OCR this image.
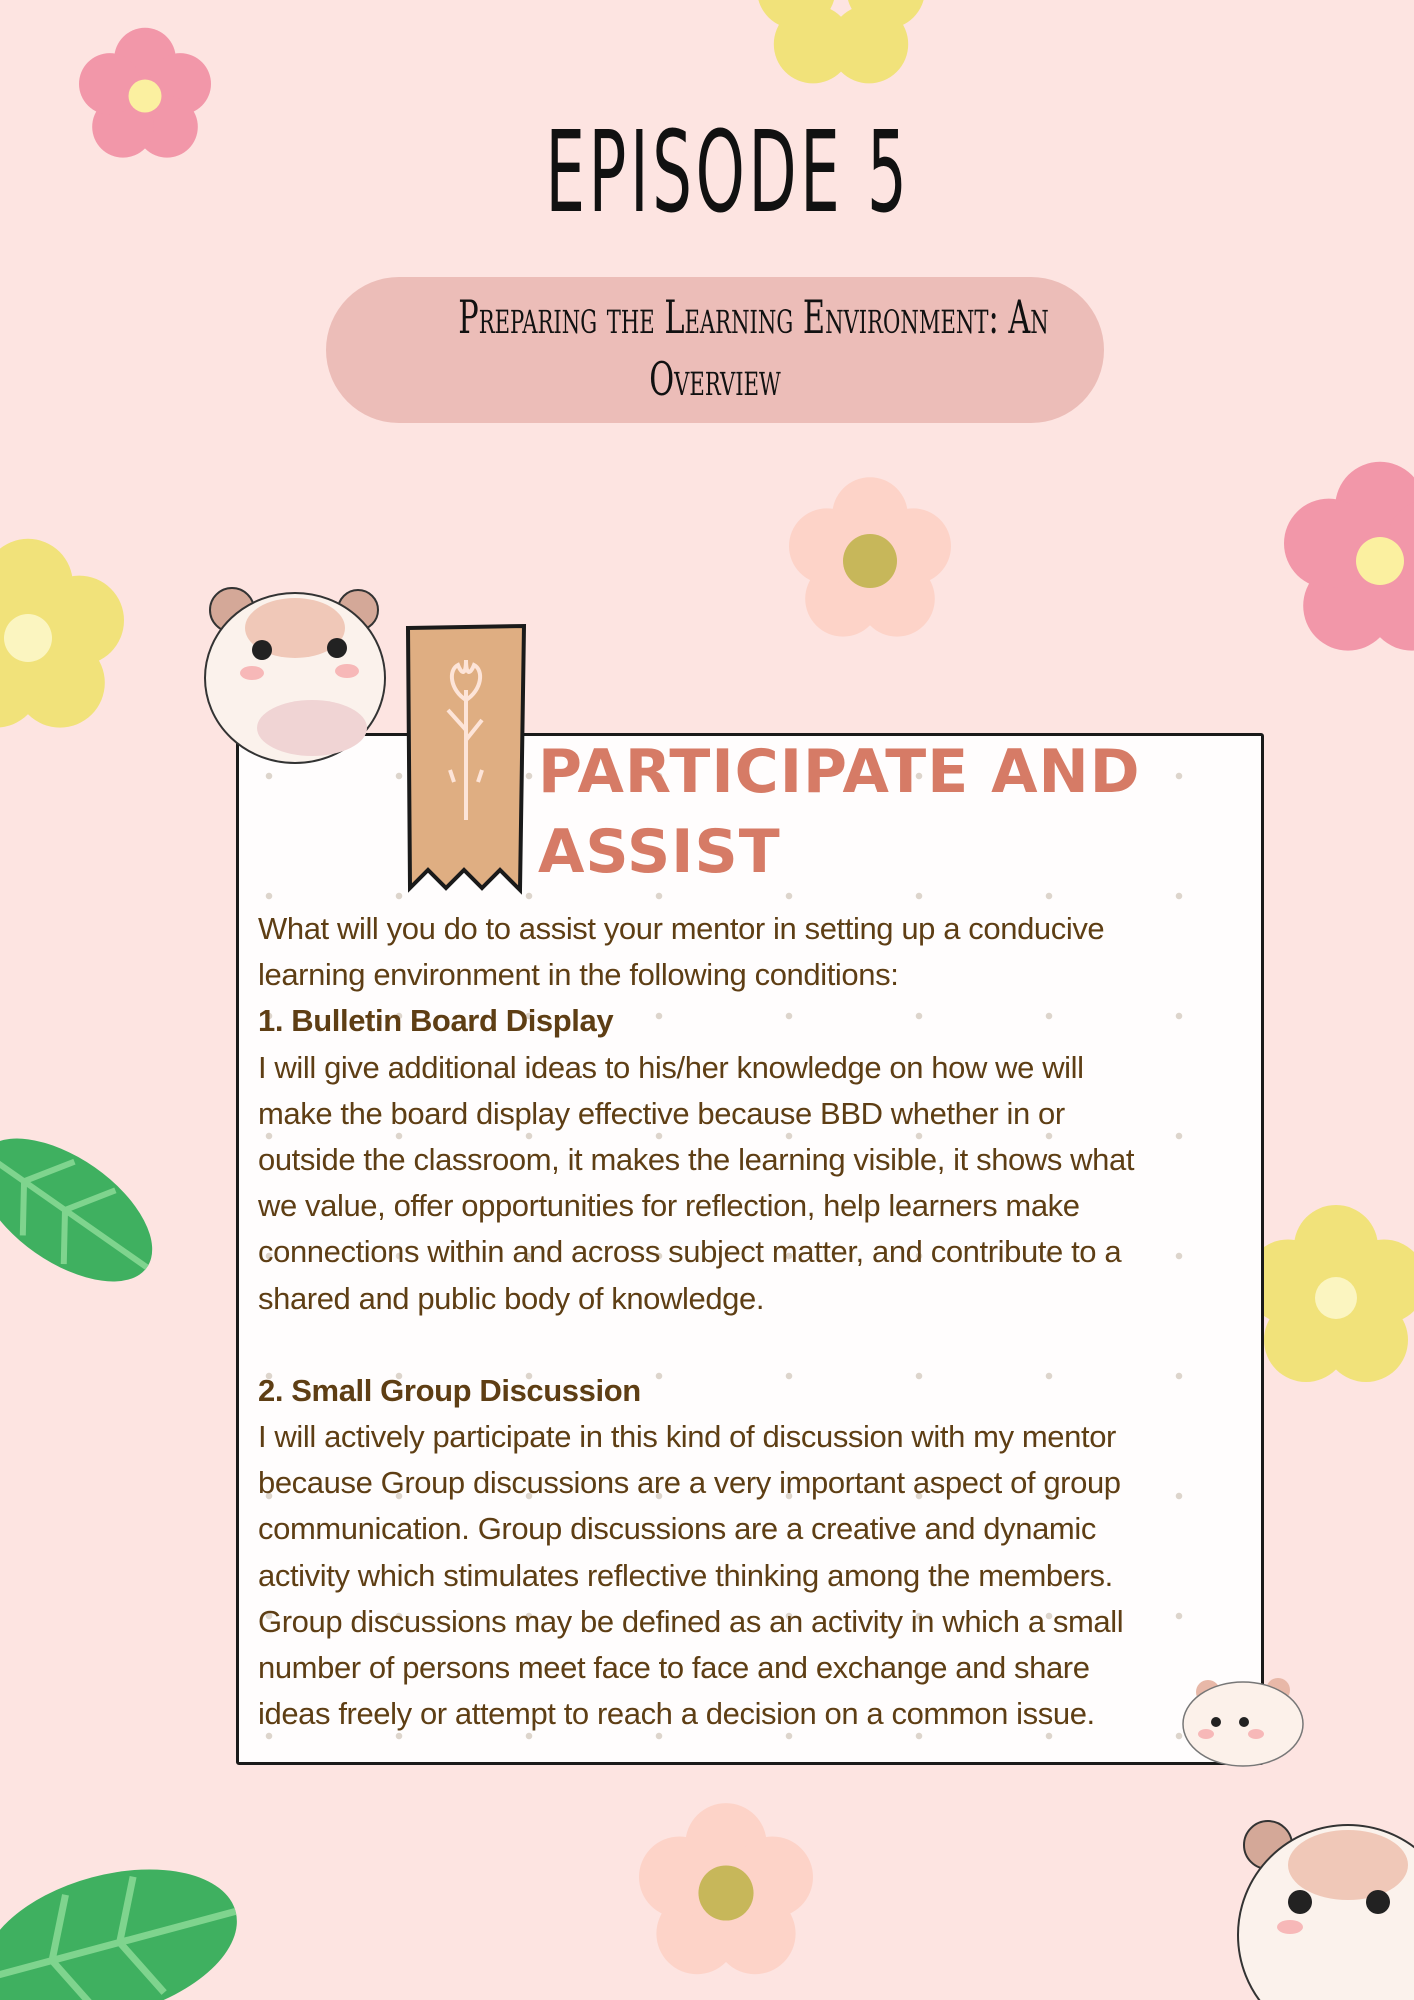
EPISODE 5
Preparing the Learning Environment: An
Overview
PARTICIPATE AND
ASSIST
What will you do to assist your mentor in setting up a conducive
learning environment in the following conditions:
1. Bulletin Board Display
I will give additional ideas to his/her knowledge on how we will
make the board display effective because BBD whether in or
outside the classroom, it makes the learning visible, it shows what
we value, offer opportunities for reflection, help learners make
connections within and across subject matter, and contribute to a
shared and public body of knowledge.
2. Small Group Discussion
I will actively participate in this kind of discussion with my mentor
because Group discussions are a very important aspect of group
communication. Group discussions are a creative and dynamic
activity which stimulates reflective thinking among the members.
Group discussions may be defined as an activity in which a small
number of persons meet face to face and exchange and share
ideas freely or attempt to reach a decision on a common issue.
